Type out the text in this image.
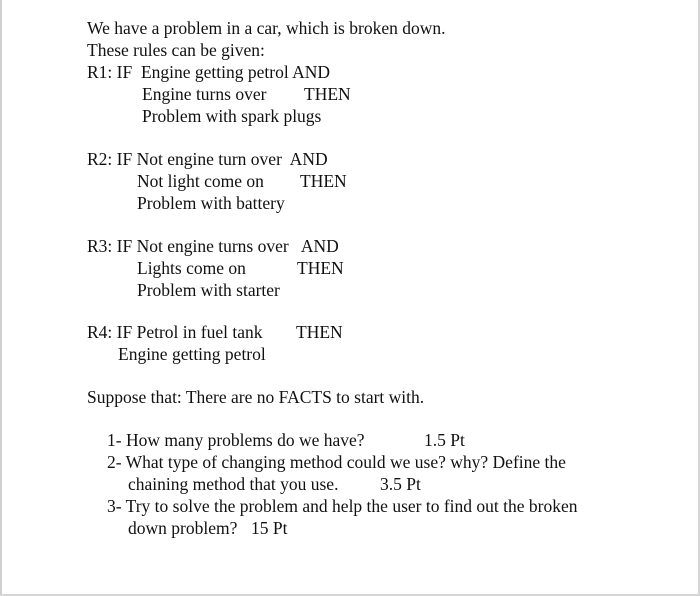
We have a problem in a car, which is broken down.
These rules can be given:
R1: IF  Engine getting petrol AND
Engine turns over THEN
Problem with spark plugs
R2: IF Not engine turn over  AND
Not light come on THEN
Problem with battery
R3: IF Not engine turns over   AND
Lights come on	THEN
Problem with starter
R4: IF Petrol in fuel tank THEN
Engine getting petrol
Suppose that: There are no FACTS to start with.
1- How many problems do we have?	1.5 Pt
2- What type of changing method could we use? why? Define the
chaining method that you use. 3.5 Pt
3- Try to solve the problem and help the user to find out the broken
down problem? 15 Pt
